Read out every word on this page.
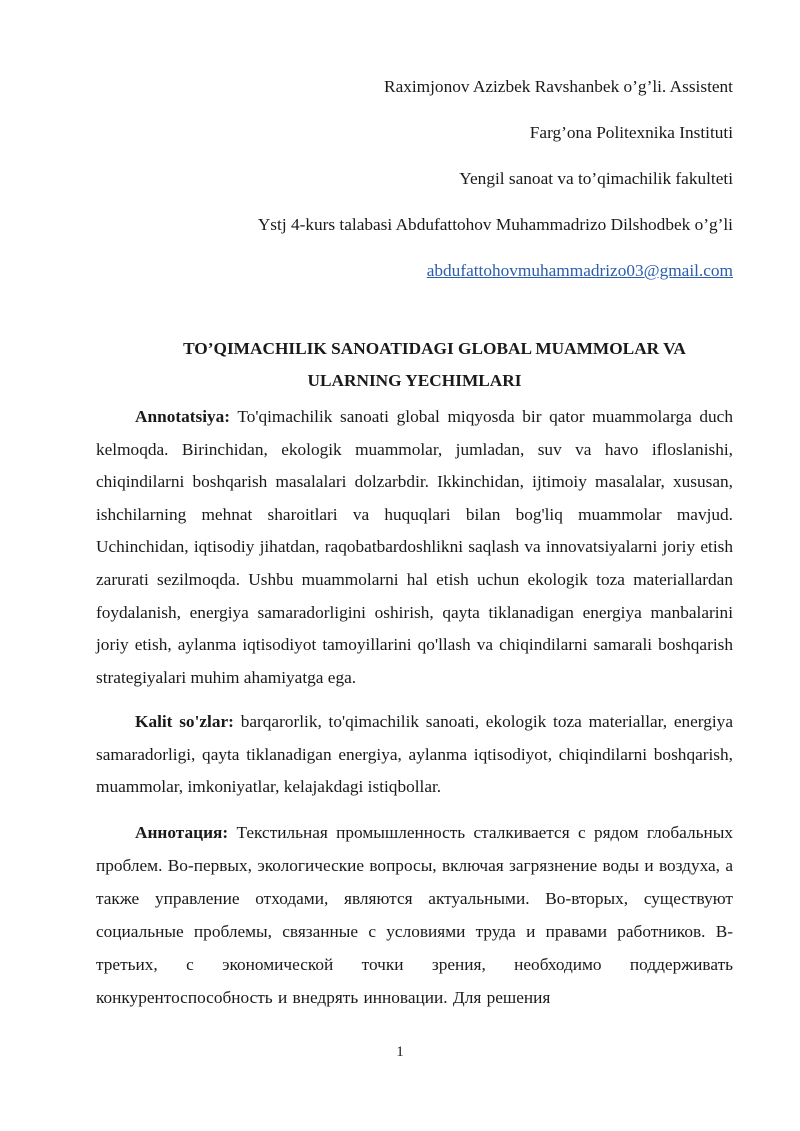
Raximjonov Azizbek Ravshanbek o’g’li. Assistent
Farg’ona Politexnika Instituti
Yengil sanoat va to’qimachilik fakulteti
Ystj 4-kurs talabasi Abdufattohov Muhammadrizo Dilshodbek o’g’li
abdufattohovmuhammadrizo03@gmail.com
TO’QIMACHILIK SANOATIDAGI GLOBAL MUAMMOLAR VA
ULARNING YECHIMLARI

Annotatsiya: To'qimachilik sanoati global miqyosda bir qator muammolarga duch kelmoqda. Birinchidan, ekologik muammolar, jumladan, suv va havo ifloslanishi, chiqindilarni boshqarish masalalari dolzarbdir. Ikkinchidan, ijtimoiy masalalar, xususan, ishchilarning mehnat sharoitlari va huquqlari bilan bog'liq muammolar mavjud. Uchinchidan, iqtisodiy jihatdan, raqobatbardoshlikni saqlash va innovatsiyalarni joriy etish zarurati sezilmoqda. Ushbu muammolarni hal etish uchun ekologik toza materiallardan foydalanish, energiya samaradorligini oshirish, qayta tiklanadigan energiya manbalarini joriy etish, aylanma iqtisodiyot tamoyillarini qo'llash va chiqindilarni samarali boshqarish strategiyalari muhim ahamiyatga ega.

Kalit so'zlar: barqarorlik, to'qimachilik sanoati, ekologik toza materiallar, energiya samaradorligi, qayta tiklanadigan energiya, aylanma iqtisodiyot, chiqindilarni boshqarish, muammolar, imkoniyatlar, kelajakdagi istiqbollar.

Аннотация: Текстильная промышленность сталкивается с рядом глобальных проблем. Во-первых, экологические вопросы, включая загрязнение воды и воздуха, а также управление отходами, являются актуальными. Во-вторых, существуют социальные проблемы, связанные с условиями труда и правами работников. В-третьих, с экономической точки зрения, необходимо поддерживать конкурентоспособность и внедрять инновации. Для решения

1
